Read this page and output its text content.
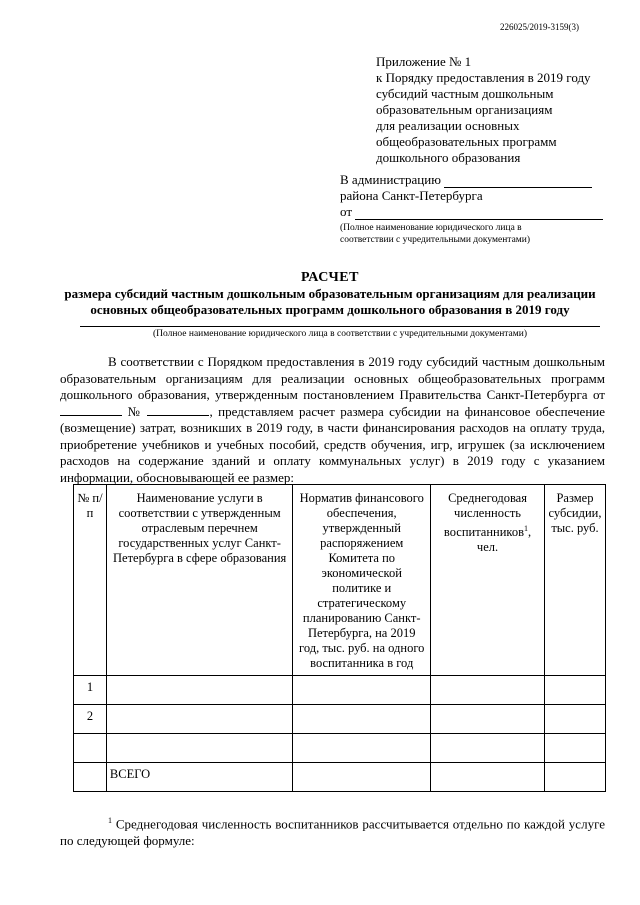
226025/2019-3159(3)
Приложение № 1
к Порядку предоставления в 2019 году
субсидий частным дошкольным
образовательным организациям
для реализации основных
общеобразовательных программ
дошкольного образования
В администрацию
района Санкт-Петербурга
от
(Полное наименование юридического лица в соответствии с учредительными документами)
РАСЧЕТ
размера субсидий частным дошкольным образовательным организациям для реализации
основных общеобразовательных программ дошкольного образования в 2019 году
(Полное наименование юридического лица в соответствии с учредительными документами)

В соответствии с Порядком предоставления в 2019 году субсидий частным дошкольным образовательным организациям для реализации основных общеобразовательных программ дошкольного образования, утвержденным постановлением Правительства Санкт-Петербурга от  №	, представляем расчет размера субсидии на финансовое обеспечение (возмещение) затрат, возникших в 2019 году, в части финансирования расходов на оплату труда, приобретение учебников и учебных пособий, средств обучения, игр, игрушек (за исключением расходов на содержание зданий и оплату коммунальных услуг) в 2019 году с указанием информации, обосновывающей ее размер:

№ п/п	Наименование услуги в соответствии с утвержденным отраслевым перечнем государственных услуг Санкт-Петербурга в сфере образования	Норматив финансового обеспечения, утвержденный распоряжением Комитета по экономической политике и стратегическому планированию Санкт-Петербурга, на 2019 год, тыс. руб. на одного воспитанника в год	Среднегодовая численность воспитанников$^1$, чел.	Размер субсидии, тыс. руб.
1				
2				

	ВСЕГО			

$^1$ Среднегодовая численность воспитанников рассчитывается отдельно по каждой услуге по следующей формуле:
